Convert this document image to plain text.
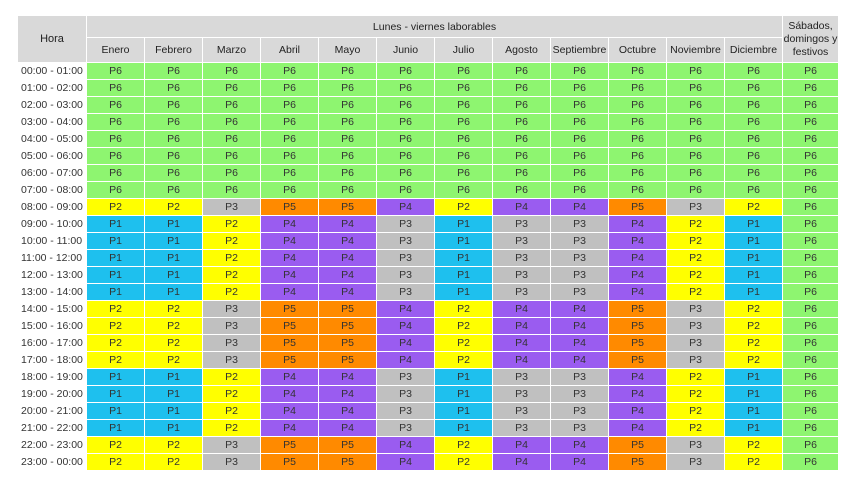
Hora	Lunes - viernes laborables												Sábados, domingos y festivos
	Enero	Febrero	Marzo	Abril	Mayo	Junio	Julio	Agosto	Septiembre	Octubre	Noviembre	Diciembre	
00:00 - 01:00	P6	P6	P6	P6	P6	P6	P6	P6	P6	P6	P6	P6	P6
01:00 - 02:00	P6	P6	P6	P6	P6	P6	P6	P6	P6	P6	P6	P6	P6
02:00 - 03:00	P6	P6	P6	P6	P6	P6	P6	P6	P6	P6	P6	P6	P6
03:00 - 04:00	P6	P6	P6	P6	P6	P6	P6	P6	P6	P6	P6	P6	P6
04:00 - 05:00	P6	P6	P6	P6	P6	P6	P6	P6	P6	P6	P6	P6	P6
05:00 - 06:00	P6	P6	P6	P6	P6	P6	P6	P6	P6	P6	P6	P6	P6
06:00 - 07:00	P6	P6	P6	P6	P6	P6	P6	P6	P6	P6	P6	P6	P6
07:00 - 08:00	P6	P6	P6	P6	P6	P6	P6	P6	P6	P6	P6	P6	P6
08:00 - 09:00	P2	P2	P3	P5	P5	P4	P2	P4	P4	P5	P3	P2	P6
09:00 - 10:00	P1	P1	P2	P4	P4	P3	P1	P3	P3	P4	P2	P1	P6
10:00 - 11:00	P1	P1	P2	P4	P4	P3	P1	P3	P3	P4	P2	P1	P6
11:00 - 12:00	P1	P1	P2	P4	P4	P3	P1	P3	P3	P4	P2	P1	P6
12:00 - 13:00	P1	P1	P2	P4	P4	P3	P1	P3	P3	P4	P2	P1	P6
13:00 - 14:00	P1	P1	P2	P4	P4	P3	P1	P3	P3	P4	P2	P1	P6
14:00 - 15:00	P2	P2	P3	P5	P5	P4	P2	P4	P4	P5	P3	P2	P6
15:00 - 16:00	P2	P2	P3	P5	P5	P4	P2	P4	P4	P5	P3	P2	P6
16:00 - 17:00	P2	P2	P3	P5	P5	P4	P2	P4	P4	P5	P3	P2	P6
17:00 - 18:00	P2	P2	P3	P5	P5	P4	P2	P4	P4	P5	P3	P2	P6
18:00 - 19:00	P1	P1	P2	P4	P4	P3	P1	P3	P3	P4	P2	P1	P6
19:00 - 20:00	P1	P1	P2	P4	P4	P3	P1	P3	P3	P4	P2	P1	P6
20:00 - 21:00	P1	P1	P2	P4	P4	P3	P1	P3	P3	P4	P2	P1	P6
21:00 - 22:00	P1	P1	P2	P4	P4	P3	P1	P3	P3	P4	P2	P1	P6
22:00 - 23:00	P2	P2	P3	P5	P5	P4	P2	P4	P4	P5	P3	P2	P6
23:00 - 00:00	P2	P2	P3	P5	P5	P4	P2	P4	P4	P5	P3	P2	P6
